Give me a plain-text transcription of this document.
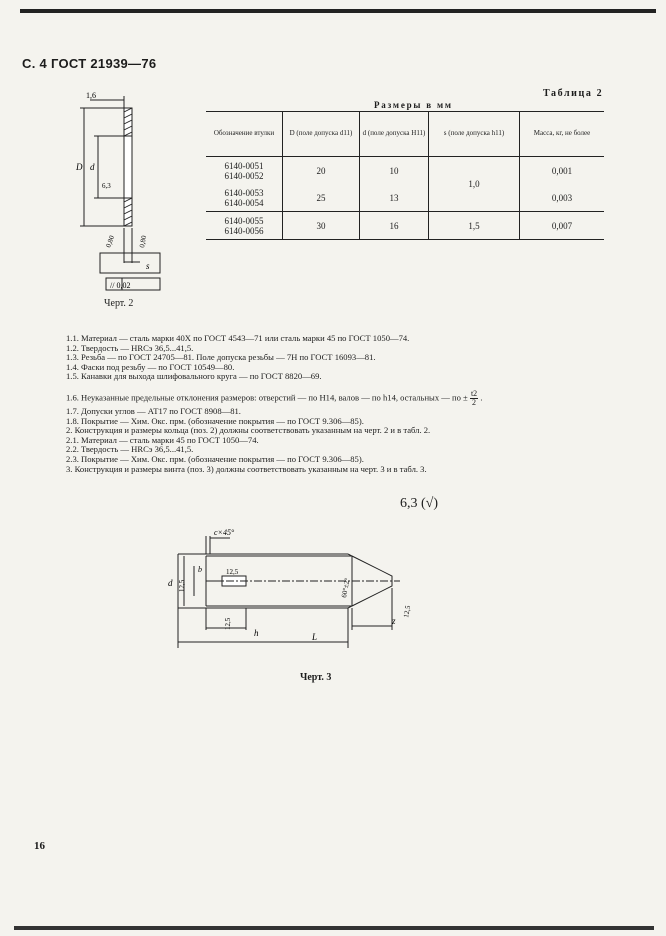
С. 4 ГОСТ 21939—76
1,6
D d
6,3
0,80	0,80
s
// 0,02
Черт. 2
Таблица 2
Размеры в мм
Обозначение втулки	D (поле допуска d11)	d (поле допуска H11)	s (поле допуска h11)	Масса, кг, не более

6140-0051
6140-0052	20	10	1,0	0,001

6140-0053
6140-0054	25	13		0,003

6140-0055
6140-0056	30	16	1,5	0,007
1.1. Материал — сталь марки 40Х по ГОСТ 4543—71 или сталь марки 45 по ГОСТ 1050—74.
1.2. Твердость — HRCэ 36,5...41,5.
1.3. Резьба — по ГОСТ 24705—81. Поле допуска резьбы — 7Н по ГОСТ 16093—81.
1.4. Фаски под резьбу — по ГОСТ 10549—80.
1.5. Канавки для выхода шлифовального круга — по ГОСТ 8820—69.
1.6. Неуказанные предельные отклонения размеров: отверстий — по H14, валов — по h14, остальных — по ± $\frac{t2}{2}$ .
1.7. Допуски углов — АТ17 по ГОСТ 8908—81.
1.8. Покрытие — Хим. Окс. прм. (обозначение покрытия — по ГОСТ 9.306—85).
2. Конструкция и размеры кольца (поз. 2) должны соответствовать указанным на черт. 2 и в табл. 2.
2.1. Материал — сталь марки 45 по ГОСТ 1050—74.
2.2. Твердость — HRCэ 36,5...41,5.
2.3. Покрытие — Хим. Окс. прм. (обозначение покрытия — по ГОСТ 9.306—85).
3. Конструкция и размеры винта (поз. 3) должны соответствовать указанным на черт. 3 и в табл. 3.
6,3 (√)
c×45°
d
b	12,5
12,5	60°±2°
12,5
h	L
z
12,5
Черт. 3
16
